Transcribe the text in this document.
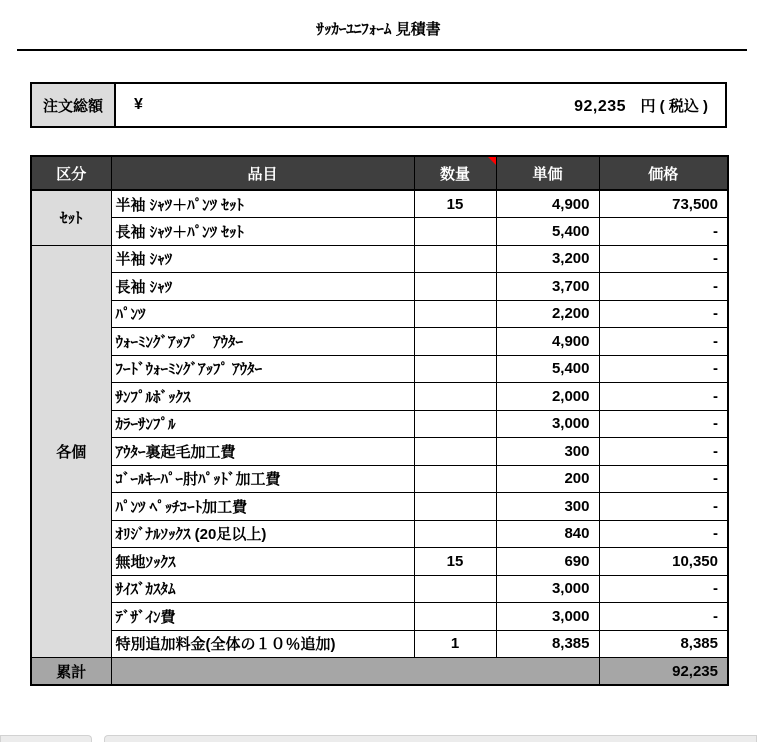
ｻｯｶｰﾕﾆﾌｫｰﾑ 見積書
注文総額	¥	92,235 円 ( 税込 )
区分	品目	数量	単価	価格
ｾｯﾄ	半袖 ｼｬﾂ＋ﾊﾟﾝﾂ ｾｯﾄ	15	4,900	73,500
	長袖 ｼｬﾂ＋ﾊﾟﾝﾂ ｾｯﾄ		5,400	-
各個	半袖 ｼｬﾂ		3,200	-
	長袖 ｼｬﾂ		3,700	-
	ﾊﾟﾝﾂ		2,200	-
	ｳｫｰﾐﾝｸﾞｱｯﾌﾟ　ｱｳﾀｰ		4,900	-
	ﾌｰﾄﾞｳｫｰﾐﾝｸﾞｱｯﾌﾟ ｱｳﾀｰ		5,400	-
	ｻﾝﾌﾟﾙﾎﾞｯｸｽ		2,000	-
	ｶﾗｰｻﾝﾌﾟﾙ		3,000	-
	ｱｳﾀｰ裏起毛加工費		300	-
	ｺﾞｰﾙｷｰﾊﾟｰ肘ﾊﾟｯﾄﾞ加工費		200	-
	ﾊﾟﾝﾂ ﾍﾟｯﾁｺｰﾄ加工費		300	-
	ｵﾘｼﾞﾅﾙｿｯｸｽ (20足以上)		840	-
	無地ｿｯｸｽ	15	690	10,350
	ｻｲｽﾞｶｽﾀﾑ		3,000	-
	ﾃﾞｻﾞｲﾝ費		3,000	-
	特別追加料金(全体の１０％追加)	1	8,385	8,385
累計				92,235
